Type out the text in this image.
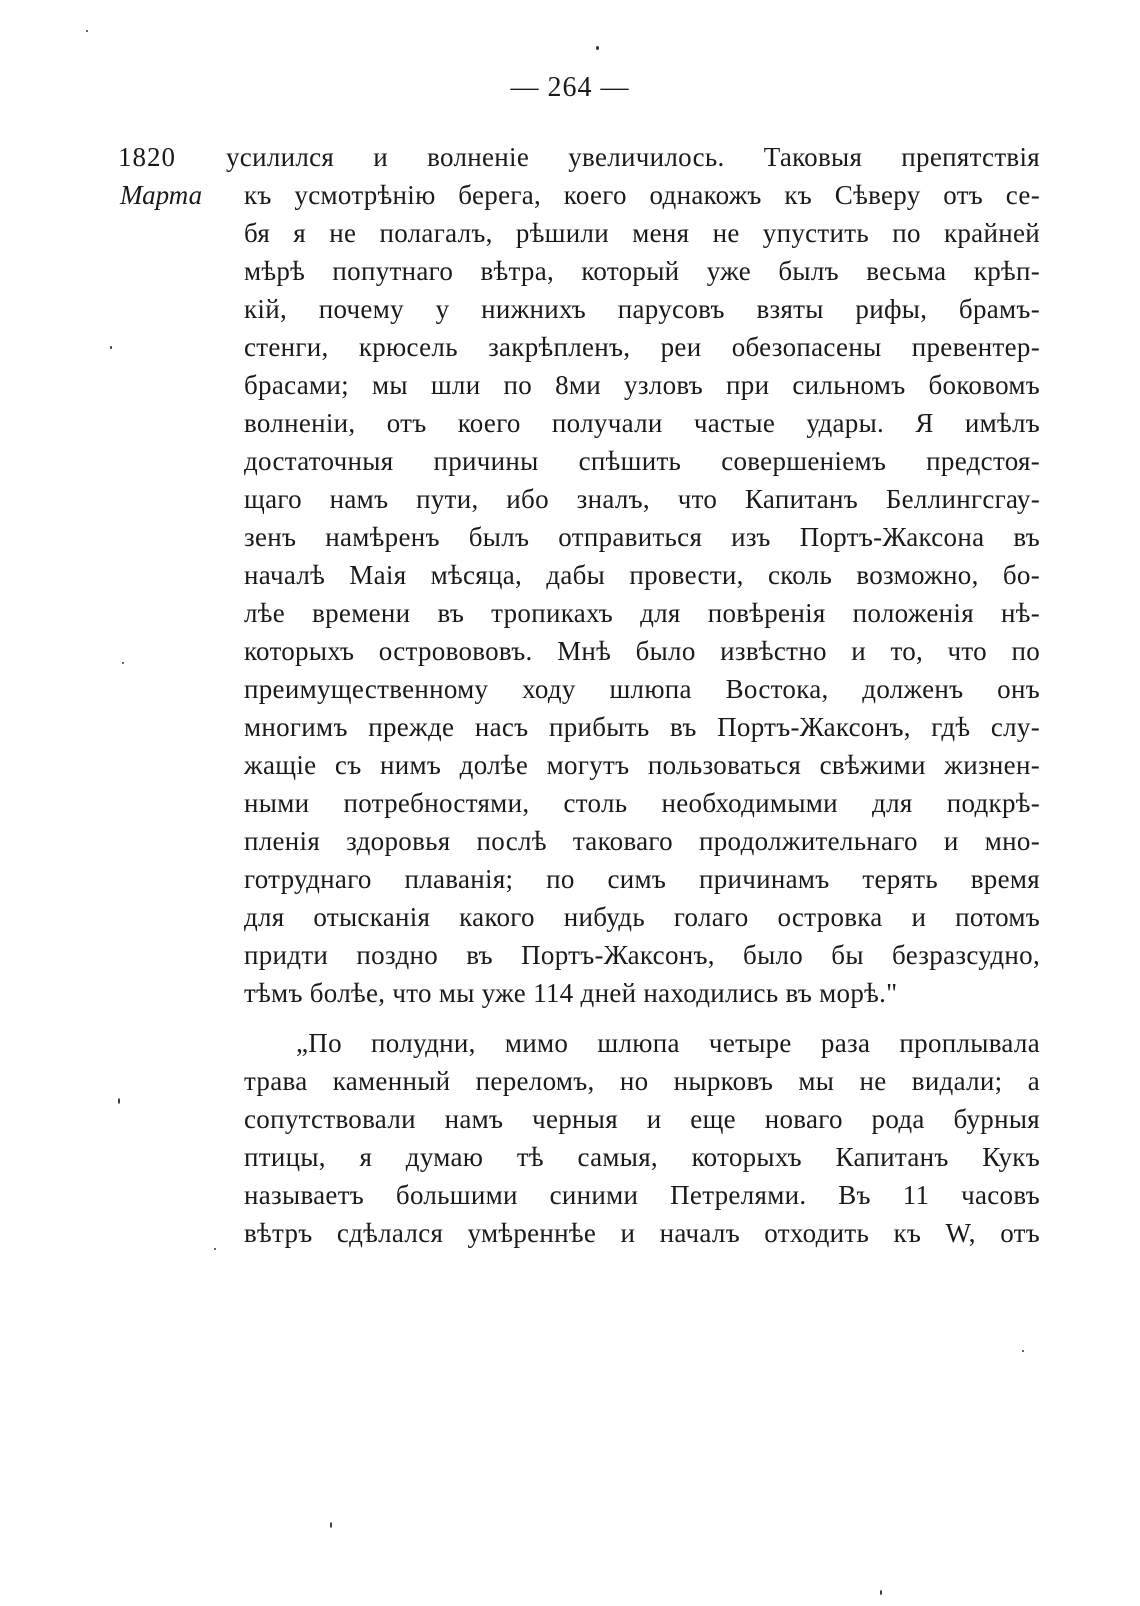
— 264 —
1820
Марта
усилился и волненіе увеличилось. Таковыя препятствія
къ усмотрѣнію берега, коего однакожъ къ Сѣверу отъ се-
бя я не полагалъ, рѣшили меня не упустить по крайней
мѣрѣ попутнаго вѣтра, который уже былъ весьма крѣп-
кій, почему у нижнихъ парусовъ взяты рифы, брамъ-
стенги, крюсель закрѣпленъ, реи обезопасены превентер-
брасами; мы шли по 8ми узловъ при сильномъ боковомъ
волненіи, отъ коего получали частые удары. Я имѣлъ
достаточныя причины спѣшить совершеніемъ предстоя-
щаго намъ пути, ибо зналъ, что Капитанъ Беллингсгау-
зенъ намѣренъ былъ отправиться изъ Портъ-Жаксона въ
началѣ Маія мѣсяца, дабы провести, сколь возможно, бо-
лѣе времени въ тропикахъ для повѣренія положенія нѣ-
которыхъ островововъ. Мнѣ было извѣстно и то, что по
преимущественному ходу шлюпа Востока, долженъ онъ
многимъ прежде насъ прибыть въ Портъ-Жаксонъ, гдѣ слу-
жащіе съ нимъ долѣе могутъ пользоваться свѣжими жизнен-
ными потребностями, столь необходимыми для подкрѣ-
пленія здоровья послѣ таковаго продолжительнаго и мно-
готруднаго плаванія; по симъ причинамъ терять время
для отысканія какого нибудь голаго островка и потомъ
придти поздно въ Портъ-Жаксонъ, было бы безразсудно,
тѣмъ болѣе, что мы уже 114 дней находились въ морѣ."
„По полудни, мимо шлюпа четыре раза проплывала
трава каменный переломъ, но нырковъ мы не видали; а
сопутствовали намъ черныя и еще новаго рода бурныя
птицы, я думаю тѣ самыя, которыхъ Капитанъ Кукъ
называетъ большими синими Петрелями. Въ 11 часовъ
вѣтръ сдѣлался умѣреннѣе и началъ отходить къ W, отъ
